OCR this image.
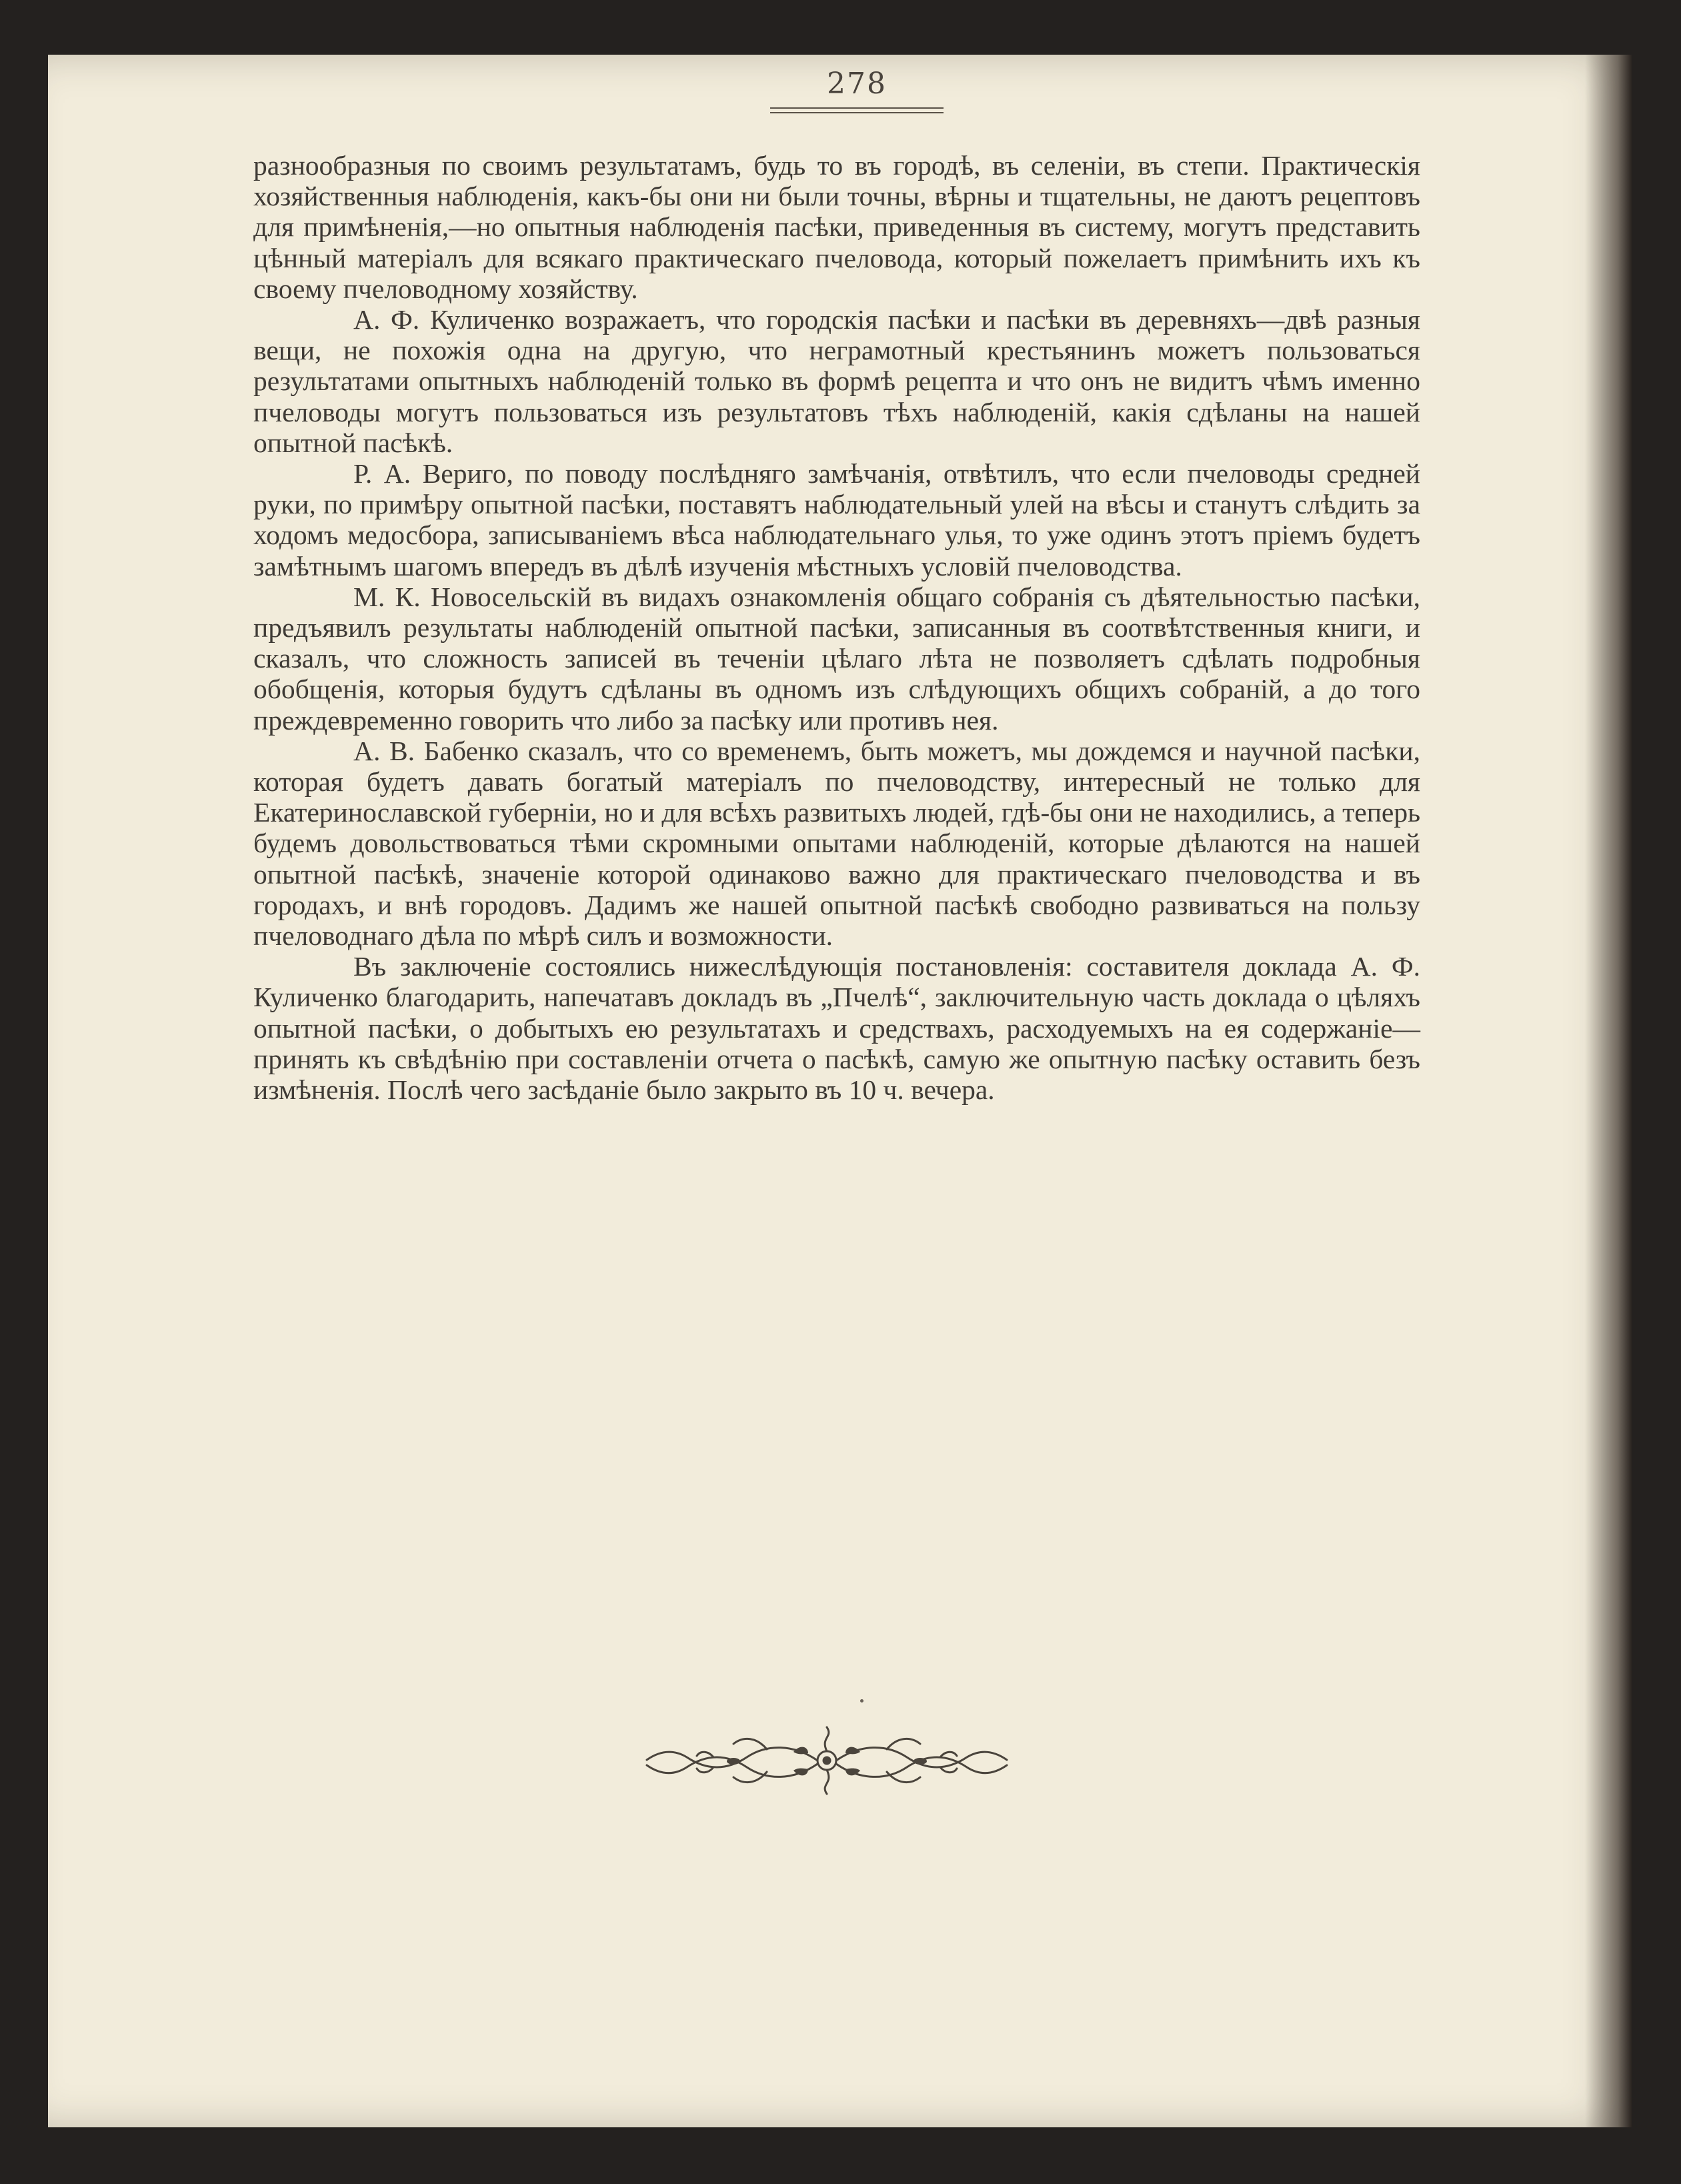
278

разнообразныя по своимъ результатамъ, будь то въ городѣ, въ селеніи, въ степи. Практическія хозяйственныя наблюденія, какъ-бы они ни были точны, вѣрны и тщательны, не даютъ рецептовъ для примѣненія,—но опытныя наблюденія пасѣки, приведенныя въ систему, могутъ представить цѣнный матеріалъ для всякаго практическаго пчеловода, который пожелаетъ примѣнить ихъ къ своему пчеловодному хозяйству.

А. Ф. Куличенко возражаетъ, что городскія пасѣки и пасѣки въ деревняхъ—двѣ разныя вещи, не похожія одна на другую, что неграмотный крестьянинъ можетъ пользоваться результатами опытныхъ наблюденій только въ формѣ рецепта и что онъ не видитъ чѣмъ именно пчеловоды могутъ пользоваться изъ результатовъ тѣхъ наблюденій, какія сдѣланы на нашей опытной пасѣкѣ.

Р. А. Вериго, по поводу послѣдняго замѣчанія, отвѣтилъ, что если пчеловоды средней руки, по примѣру опытной пасѣки, поставятъ наблюдательный улей на вѣсы и станутъ слѣдить за ходомъ медосбора, записываніемъ вѣса наблюдательнаго улья, то уже одинъ этотъ пріемъ будетъ замѣтнымъ шагомъ впередъ въ дѣлѣ изученія мѣстныхъ условій пчеловодства.

М. К. Новосельскій въ видахъ ознакомленія общаго собранія съ дѣятельностью пасѣки, предъявилъ результаты наблюденій опытной пасѣки, записанныя въ соотвѣтственныя книги, и сказалъ, что сложность записей въ теченіи цѣлаго лѣта не позволяетъ сдѣлать подробныя обобщенія, которыя будутъ сдѣланы въ одномъ изъ слѣдующихъ общихъ собраній, а до того преждевременно говорить что либо за пасѣку или противъ нея.

А. В. Бабенко сказалъ, что со временемъ, быть можетъ, мы дождемся и научной пасѣки, которая будетъ давать богатый матеріалъ по пчеловодству, интересный не только для Екатеринославской губерніи, но и для всѣхъ развитыхъ людей, гдѣ-бы они не находились, а теперь будемъ довольствоваться тѣми скромными опытами наблюденій, которые дѣлаются на нашей опытной пасѣкѣ, значеніе которой одинаково важно для практическаго пчеловодства и въ городахъ, и внѣ городовъ. Дадимъ же нашей опытной пасѣкѣ свободно развиваться на пользу пчеловоднаго дѣла по мѣрѣ силъ и возможности.

Въ заключеніе состоялись нижеслѣдующія постановленія: составителя доклада А. Ф. Куличенко благодарить, напечатавъ докладъ въ „Пчелѣ“, заключительную часть доклада о цѣляхъ опытной пасѣки, о добытыхъ ею результатахъ и средствахъ, расходуемыхъ на ея содержаніе—принять къ свѣдѣнію при составленіи отчета о пасѣкѣ, самую же опытную пасѣку оставить безъ измѣненія. Послѣ чего засѣданіе было закрыто въ 10 ч. вечера.
